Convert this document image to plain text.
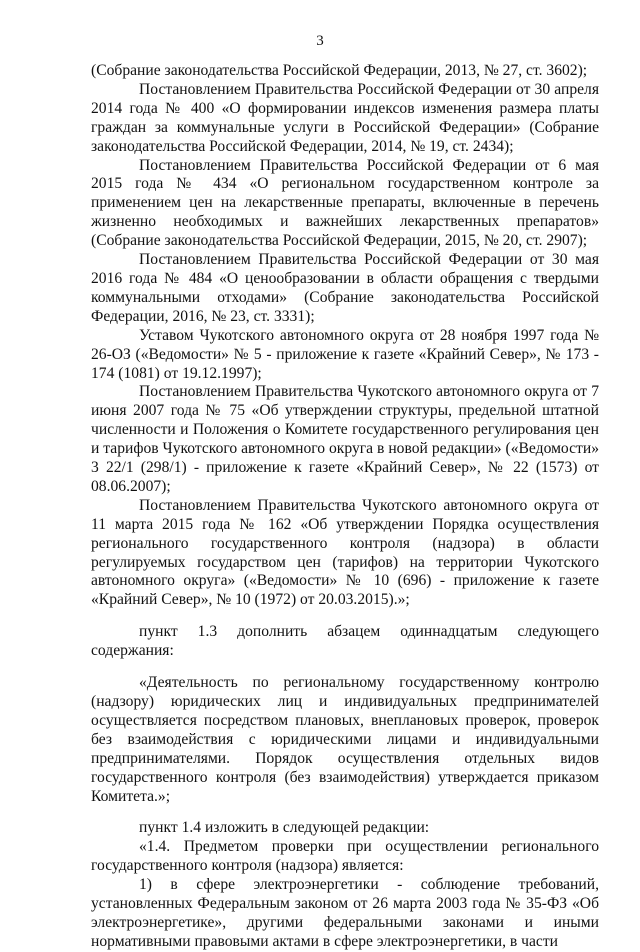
3

(Собрание законодательства Российской Федерации, 2013, № 27, ст. 3602);

Постановлением Правительства Российской Федерации от 30 апреля 2014 года № 400 «О формировании индексов изменения размера платы граждан за коммунальные услуги в Российской Федерации» (Собрание законодательства Российской Федерации, 2014, № 19, ст. 2434);

Постановлением Правительства Российской Федерации от 6 мая 2015 года № 434 «О региональном государственном контроле за применением цен на лекарственные препараты, включенные в перечень жизненно необходимых и важнейших лекарственных препаратов» (Собрание законодательства Российской Федерации, 2015, № 20, ст. 2907);

Постановлением Правительства Российской Федерации от 30 мая 2016 года № 484 «О ценообразовании в области обращения с твердыми коммунальными отходами» (Собрание законодательства Российской Федерации, 2016, № 23, ст. 3331);

Уставом Чукотского автономного округа от 28 ноября 1997 года № 26-ОЗ («Ведомости» № 5 - приложение к газете «Крайний Север», № 173 - 174 (1081) от 19.12.1997);

Постановлением Правительства Чукотского автономного округа от 7 июня 2007 года № 75 «Об утверждении структуры, предельной штатной численности и Положения о Комитете государственного регулирования цен и тарифов Чукотского автономного округа в новой редакции» («Ведомости» 3 22/1 (298/1) - приложение к газете «Крайний Север», № 22 (1573) от 08.06.2007);

Постановлением Правительства Чукотского автономного округа от 11 марта 2015 года № 162 «Об утверждении Порядка осуществления регионального государственного контроля (надзора) в области регулируемых государством цен (тарифов) на территории Чукотского автономного округа» («Ведомости» № 10 (696) - приложение к газете «Крайний Север», № 10 (1972) от 20.03.2015).»;

пункт 1.3 дополнить абзацем одиннадцатым следующего содержания:

«Деятельность по региональному государственному контролю (надзору) юридических лиц и индивидуальных предпринимателей осуществляется посредством плановых, внеплановых проверок, проверок без взаимодействия с юридическими лицами и индивидуальными предпринимателями. Порядок осуществления отдельных видов государственного контроля (без взаимодействия) утверждается приказом Комитета.»;

пункт 1.4 изложить в следующей редакции:

«1.4. Предметом проверки при осуществлении регионального государственного контроля (надзора) является:

1) в сфере электроэнергетики - соблюдение требований, установленных Федеральным законом от 26 марта 2003 года № 35-ФЗ «Об электроэнергетике», другими федеральными законами и иными нормативными правовыми актами в сфере электроэнергетики, в части
